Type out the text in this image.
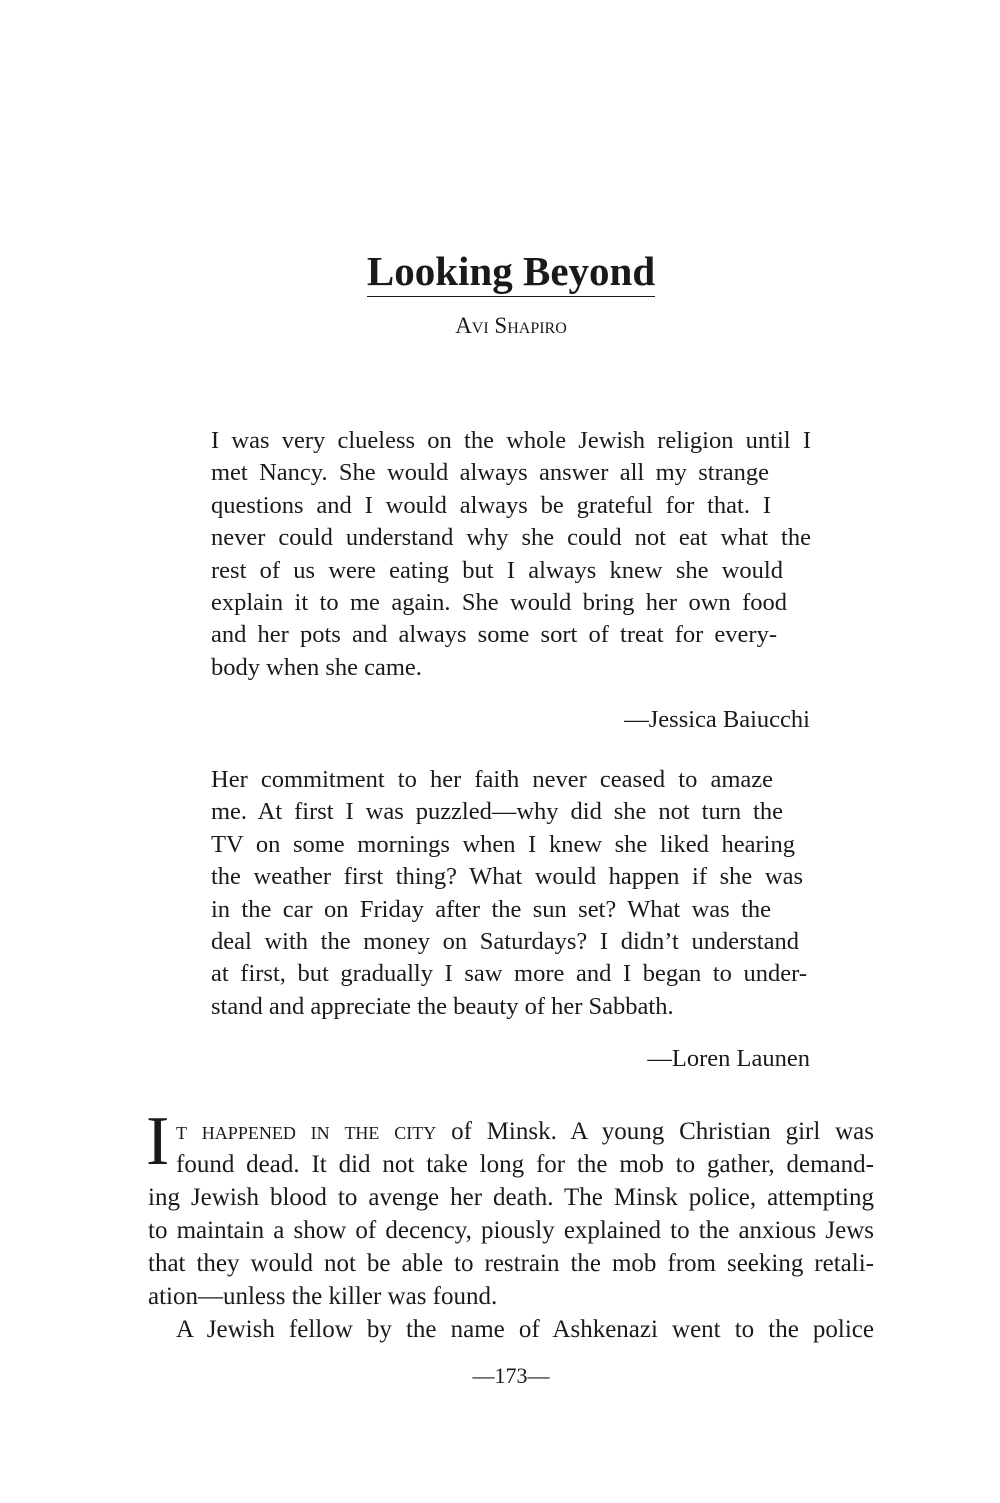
Looking Beyond
Avi Shapiro
I was very clueless on the whole Jewish religion until I
met Nancy. She would always answer all my strange
questions and I would always be grateful for that. I
never could understand why she could not eat what the
rest of us were eating but I always knew she would
explain it to me again. She would bring her own food
and her pots and always some sort of treat for every-
body when she came.
—Jessica Baiucchi
Her commitment to her faith never ceased to amaze
me. At first I was puzzled—why did she not turn the
TV on some mornings when I knew she liked hearing
the weather first thing? What would happen if she was
in the car on Friday after the sun set? What was the
deal with the money on Saturdays? I didn’t understand
at first, but gradually I saw more and I began to under-
stand and appreciate the beauty of her Sabbath.
—Loren Launen
I t happened in the city of Minsk. A young Christian girl was
found dead. It did not take long for the mob to gather, demand-
ing Jewish blood to avenge her death. The Minsk police, attempting
to maintain a show of decency, piously explained to the anxious Jews
that they would not be able to restrain the mob from seeking retali-
ation—unless the killer was found.
A Jewish fellow by the name of Ashkenazi went to the police
—173—
